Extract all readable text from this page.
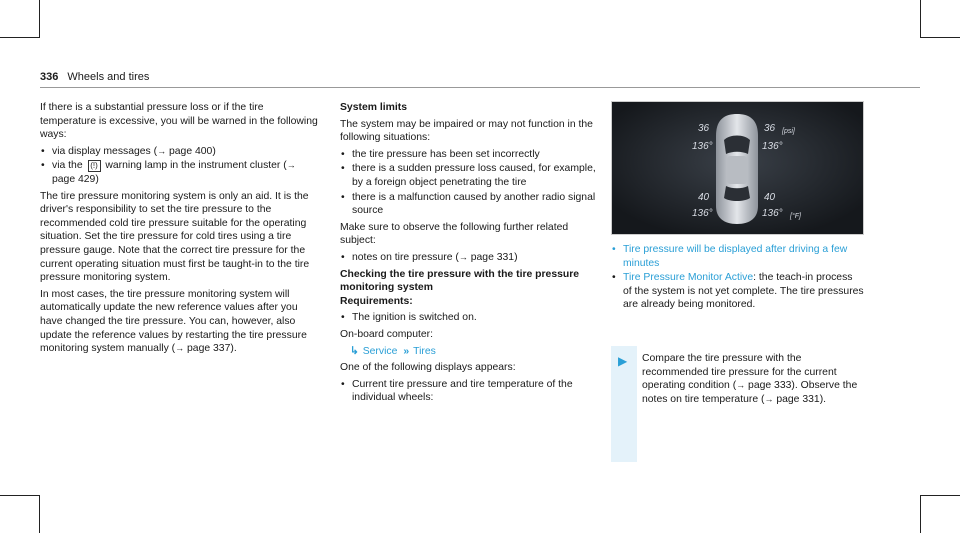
336 Wheels and tires

If there is a substantial pressure loss or if the tire temperature is excessive, you will be warned in the following ways:

• via display messages (→ page 400)
• via the (!) warning lamp in the instrument cluster (→ page 429)

The tire pressure monitoring system is only an aid. It is the driver's responsibility to set the tire pressure to the recommended cold tire pressure suitable for the operating situation. Set the tire pressure for cold tires using a tire pressure gauge. Note that the correct tire pressure for the current operating situation must first be taught-in to the tire pressure monitoring system.

In most cases, the tire pressure monitoring system will automatically update the new reference values after you have changed the tire pressure. You can, however, also update the reference values by restarting the tire pressure monitoring system manually (→ page 337).

System limits

The system may be impaired or may not function in the following situations:

• the tire pressure has been set incorrectly
• there is a sudden pressure loss caused, for example, by a foreign object penetrating the tire
• there is a malfunction caused by another radio signal source

Make sure to observe the following further related subject:

• notes on tire pressure (→ page 331)

Checking the tire pressure with the tire pressure monitoring system

Requirements:

• The ignition is switched on.

On-board computer:

↳ Service » Tires

One of the following displays appears:

• Current tire pressure and tire temperature of the individual wheels:
36	36 [psi]
136°	136°
40	40
136°	136° [°F]
• Tire pressure will be displayed after driving a few minutes
• Tire Pressure Monitor Active: the teach-in process of the system is not yet complete. The tire pressures are already being monitored.
▶ Compare the tire pressure with the recommended tire pressure for the current operating condition (→ page 333). Observe the notes on tire temperature (→ page 331).
